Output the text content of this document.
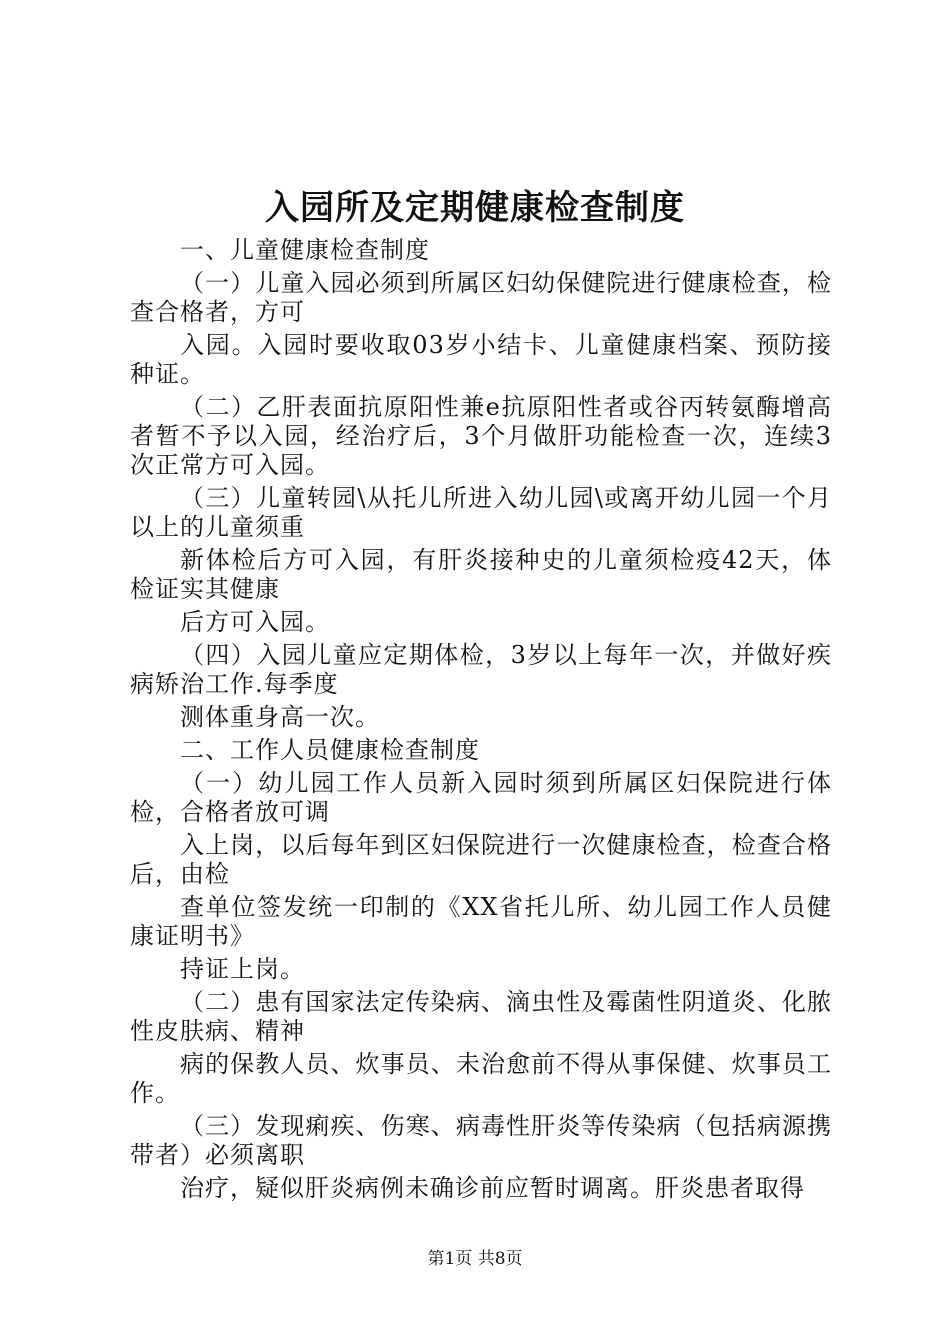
入园所及定期健康检查制度

一、儿童健康检查制度

（一）儿童入园必须到所属区妇幼保健院进行健康检查，检查合格者，方可

入园。入园时要收取03岁小结卡、儿童健康档案、预防接种证。

（二）乙肝表面抗原阳性兼e抗原阳性者或谷丙转氨酶增高者暂不予以入园，经治疗后，3个月做肝功能检查一次，连续3次正常方可入园。

（三）儿童转园\从托儿所进入幼儿园\或离开幼儿园一个月以上的儿童须重

新体检后方可入园，有肝炎接种史的儿童须检疫42天，体检证实其健康

后方可入园。

（四）入园儿童应定期体检，3岁以上每年一次，并做好疾病矫治工作.每季度

测体重身高一次。

二、工作人员健康检查制度

（一）幼儿园工作人员新入园时须到所属区妇保院进行体检，合格者放可调

入上岗，以后每年到区妇保院进行一次健康检查，检查合格后，由检

查单位签发统一印制的《XX省托儿所、幼儿园工作人员健康证明书》

持证上岗。

（二）患有国家法定传染病、滴虫性及霉菌性阴道炎、化脓性皮肤病、精神

病的保教人员、炊事员、未治愈前不得从事保健、炊事员工作。

（三）发现痢疾、伤寒、病毒性肝炎等传染病（包括病源携带者）必须离职

治疗，疑似肝炎病例未确诊前应暂时调离。肝炎患者取得

第1页 共8页
